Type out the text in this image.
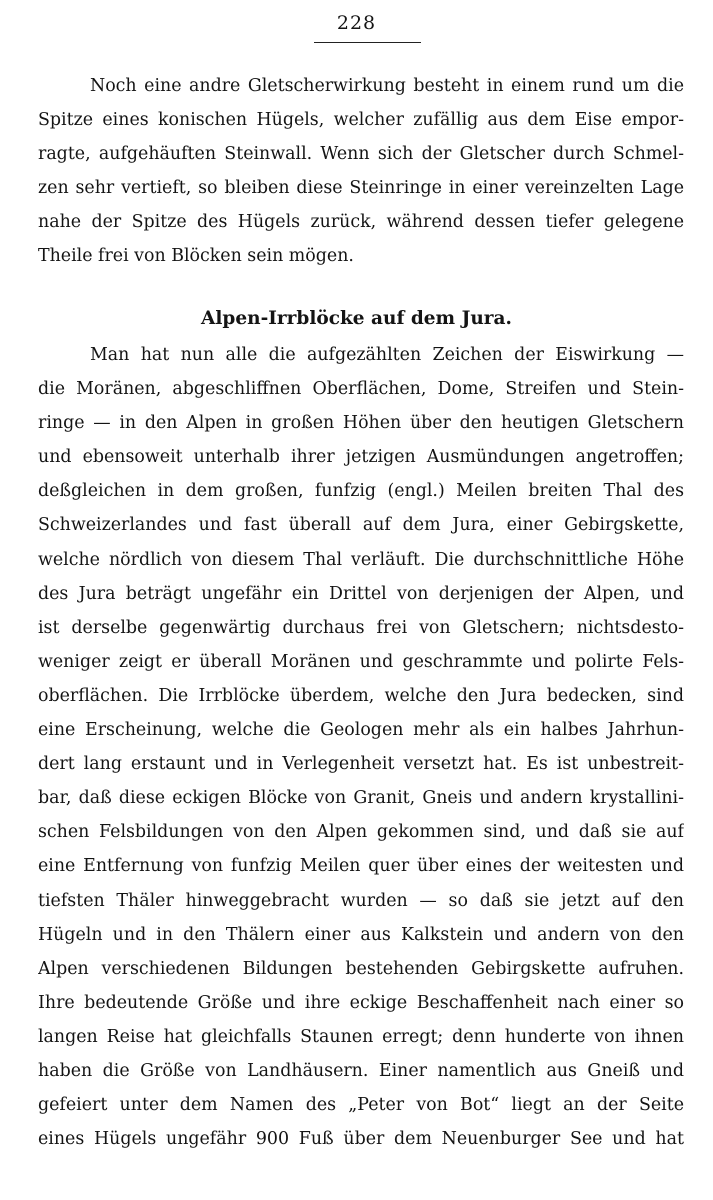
228
Noch eine andre Gletscherwirkung besteht in einem rund um die
Spitze eines konischen Hügels, welcher zufällig aus dem Eise empor-
ragte, aufgehäuften Steinwall. Wenn sich der Gletscher durch Schmel-
zen sehr vertieft, so bleiben diese Steinringe in einer vereinzelten Lage
nahe der Spitze des Hügels zurück, während dessen tiefer gelegene
Theile frei von Blöcken sein mögen.
Alpen-Irrblöcke auf dem Jura.
Man hat nun alle die aufgezählten Zeichen der Eiswirkung —
die Moränen, abgeschliffnen Oberflächen, Dome, Streifen und Stein-
ringe — in den Alpen in großen Höhen über den heutigen Gletschern
und ebensoweit unterhalb ihrer jetzigen Ausmündungen angetroffen;
deßgleichen in dem großen, funfzig (engl.) Meilen breiten Thal des
Schweizerlandes und fast überall auf dem Jura, einer Gebirgskette,
welche nördlich von diesem Thal verläuft. Die durchschnittliche Höhe
des Jura beträgt ungefähr ein Drittel von derjenigen der Alpen, und
ist derselbe gegenwärtig durchaus frei von Gletschern; nichtsdesto-
weniger zeigt er überall Moränen und geschrammte und polirte Fels-
oberflächen. Die Irrblöcke überdem, welche den Jura bedecken, sind
eine Erscheinung, welche die Geologen mehr als ein halbes Jahrhun-
dert lang erstaunt und in Verlegenheit versetzt hat. Es ist unbestreit-
bar, daß diese eckigen Blöcke von Granit, Gneis und andern krystallini-
schen Felsbildungen von den Alpen gekommen sind, und daß sie auf
eine Entfernung von funfzig Meilen quer über eines der weitesten und
tiefsten Thäler hinweggebracht wurden — so daß sie jetzt auf den
Hügeln und in den Thälern einer aus Kalkstein und andern von den
Alpen verschiedenen Bildungen bestehenden Gebirgskette aufruhen.
Ihre bedeutende Größe und ihre eckige Beschaffenheit nach einer so
langen Reise hat gleichfalls Staunen erregt; denn hunderte von ihnen
haben die Größe von Landhäusern. Einer namentlich aus Gneiß und
gefeiert unter dem Namen des „Peter von Bot“ liegt an der Seite
eines Hügels ungefähr 900 Fuß über dem Neuenburger See und hat
